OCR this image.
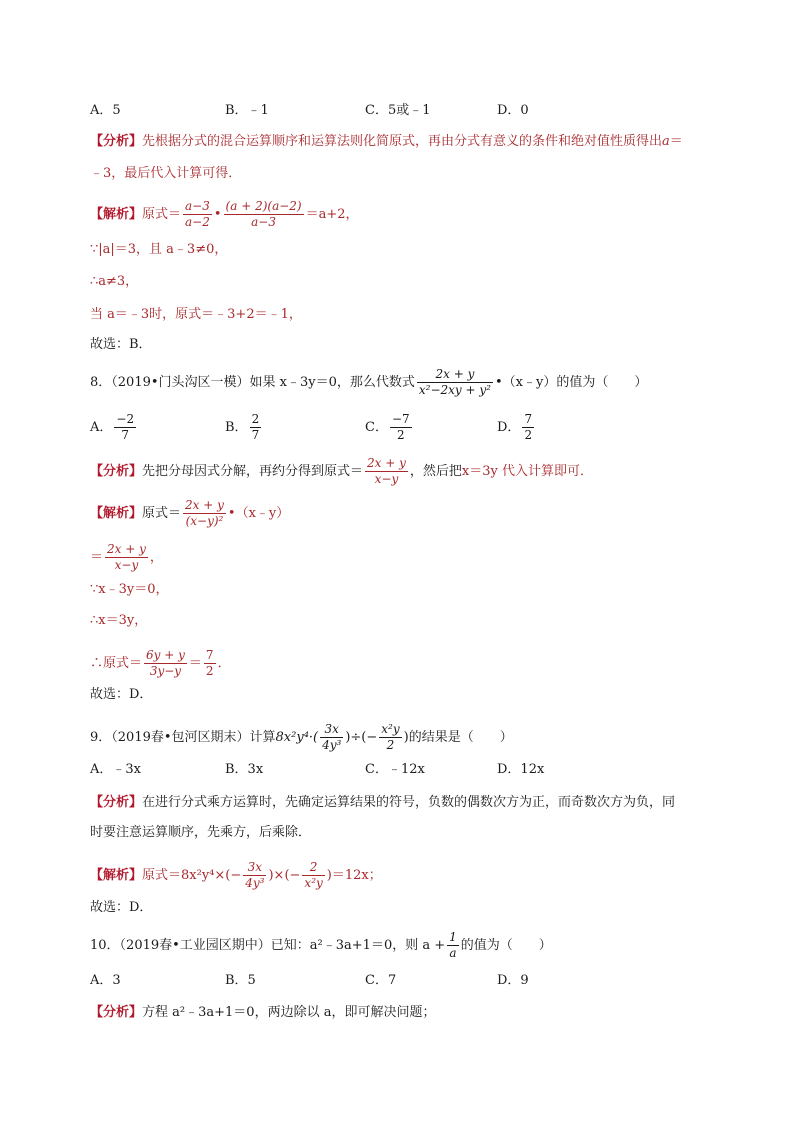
A．5	B．﹣1	C．5或﹣1	D．0
【分析】先根据分式的混合运算顺序和运算法则化简原式，再由分式有意义的条件和绝对值性质得出a＝
﹣3，最后代入计算可得．
【解析】原式＝ $\frac{a-3}{a-2}$ • $\frac{(a + 2)(a-2)}{a-3} =a+2$，
∵|a|＝3，且 a﹣3≠0，
∴a≠3，
当 a＝﹣3时，原式＝﹣3+2＝﹣1，
故选：B．
8．（2019•门头沟区一模）如果 x﹣3y＝0，那么代数式 $\frac{2x + y}{\text{x²−2xy + y²}}$ •（x﹣y）的值为（　　）
A． $\frac{-2}{7}$	B． $\frac{2}{7}$	C． $\frac{-7}{2}$	D． $\frac{7}{2}$
【分析】先把分母因式分解，再约分得到原式＝ $\frac{2x + y}{x-y}$ ，然后把x＝3y 代入计算即可．
【解析】原式＝ $\frac{2x + y}{\text{(x−y)²}}$ •（x﹣y）
＝ $\frac{2x + y}{x-y}$ ，
∵x﹣3y＝0，
∴x＝3y，
∴原式＝ $\frac{6y + y}{3y-y} = \frac{7}{2}$ ．
故选：D．
9．（2019春•包河区期末）计算$8x^2y^4\cdot( \frac{3x}{\text{4y³}}$ )÷(− $\frac{\text{x²y}}{2}$ )的结果是（　　）
A．﹣3x	B．3x	C．﹣12x	D．12x
【分析】在进行分式乘方运算时，先确定运算结果的符号，负数的偶数次方为正，而奇数次方为负，同
时要注意运算顺序，先乘方，后乘除．
【解析】原式$=8x^2y^4\times(- \frac{3x}{\text{4y³}}$ )×(− $\frac{2}{\text{x²y}} )=12x$；
故选：D．
10．（2019春•工业园区期中）已知：a²﹣3a+1＝0，则 $a + \frac{1}{a}$ 的值为（　　）
A．3	B．5	C．7	D．9
【分析】方程 a²﹣3a+1＝0，两边除以 a，即可解决问题；
